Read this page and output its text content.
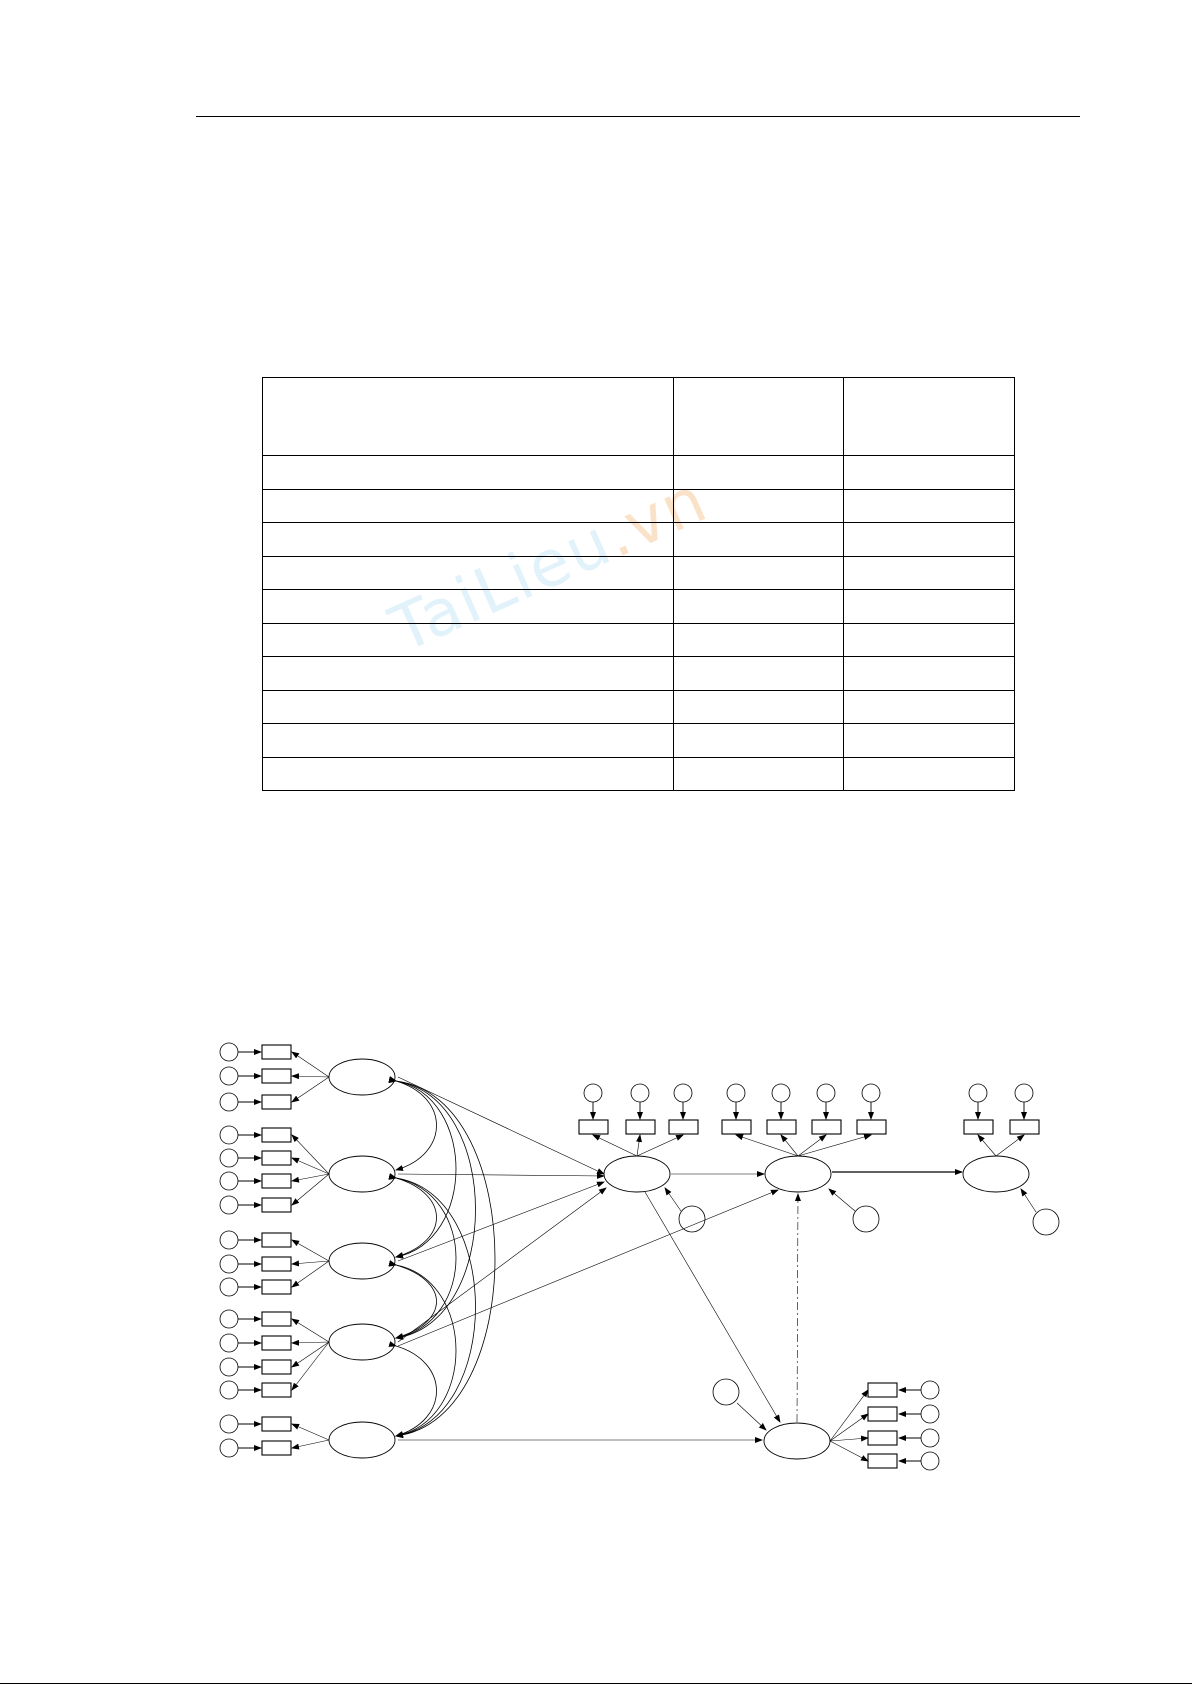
TaiLieu.vn
